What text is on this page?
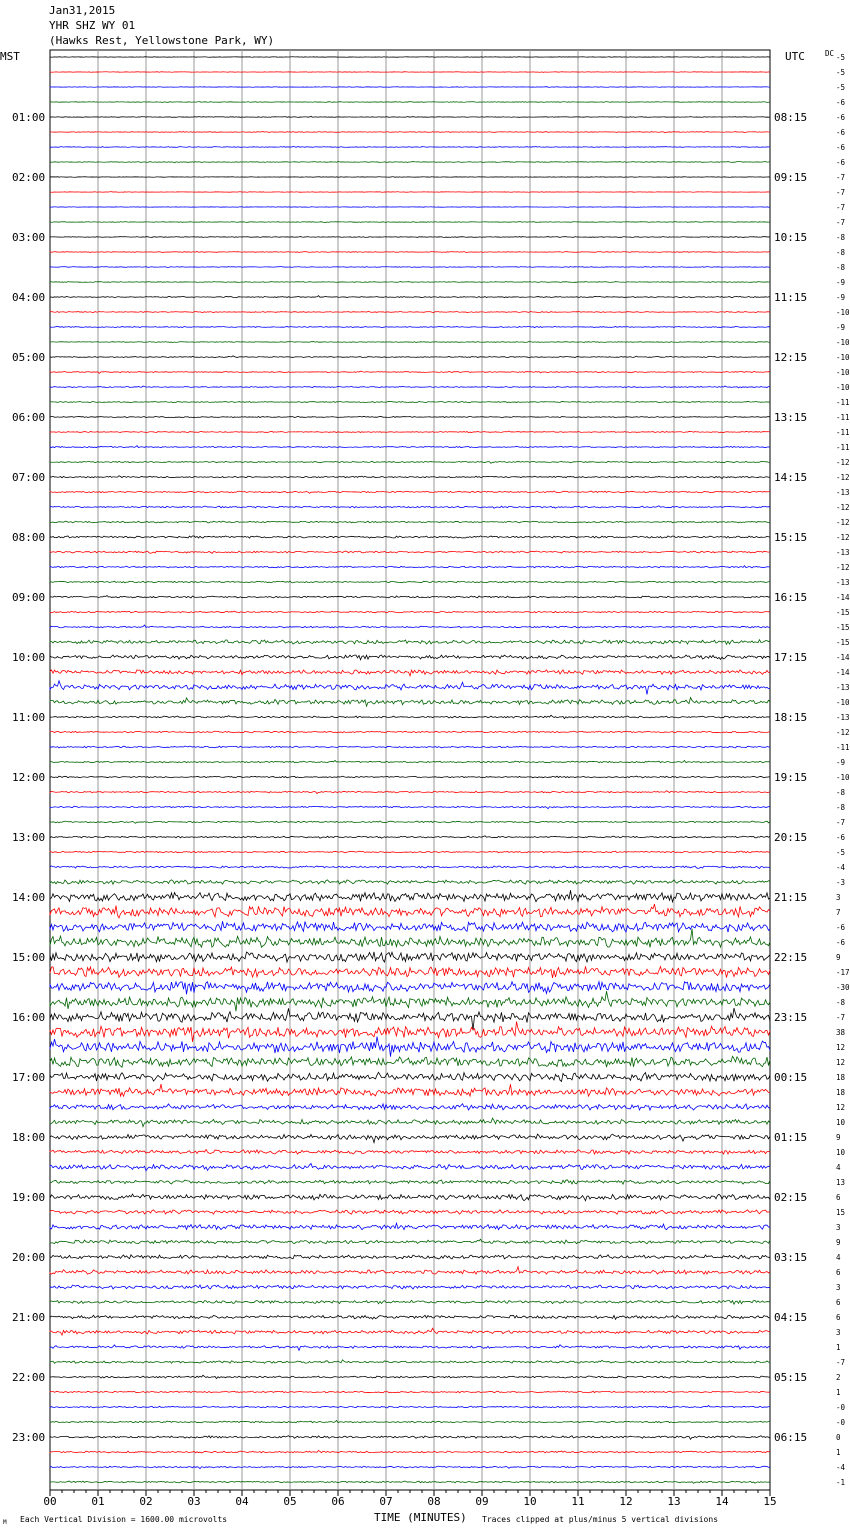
Jan31,2015
YHR SHZ WY 01
(Hawks Rest, Yellowstone Park, WY)
MST	UTC	DC -5
-5
-5
-6
-6
-6
-6
-6
-7
-7
-7
-7
-8
-8
-8
-9
-9
-10
-9
-10
-10
-10
-10
-11
-11
-11
-11
-12
-12
-13
-12
-12
-12
-13
-12
-13
-14
-15
-15
-15
-14
-14
-13
-10
-13
-12
-11
-9
-10
-8
-8
-7
-6
-5
-4
-3
3
7
-6
-6
9
-17
-30
-8
-7
38
12
12
18
18
12
10
9
10
4
13
6
15
3
9
4
6
3
6
6
3
1
-7
2
1
-0
-0
0
1
-4
-1
01:00	08:15
02:00	09:15
03:00	10:15
04:00	11:15
05:00	12:15
06:00	13:15
07:00	14:15
08:00	15:15
09:00	16:15
10:00	17:15
11:00	18:15
12:00	19:15
13:00	20:15
14:00	21:15
15:00	22:15
16:00	23:15
17:00	00:15
18:00	01:15
19:00	02:15
20:00	03:15
21:00	04:15
22:00	05:15
23:00	06:15
00	01	02	03	04	05	06	07	08	09	10	11	12	13	14	15
TIME (MINUTES)
M Each Vertical Division = 1600.00 microvolts	Traces clipped at plus/minus 5 vertical divisions
